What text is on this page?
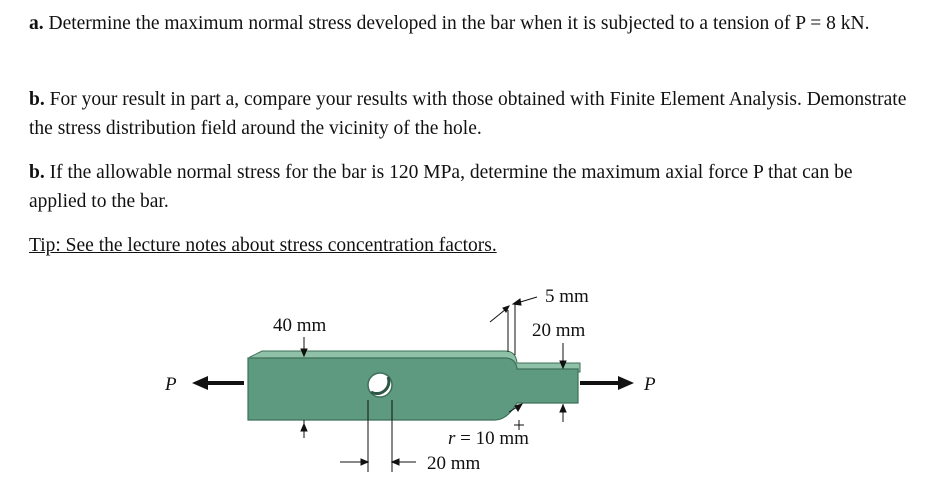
a. Determine the maximum normal stress developed in the bar when it is subjected to a tension of P = 8 kN.
b. For your result in part a, compare your results with those obtained with Finite Element Analysis. Demonstrate the stress distribution field around the vicinity of the hole.
b. If the allowable normal stress for the bar is 120 MPa, determine the maximum axial force P that can be applied to the bar.
Tip: See the lecture notes about stress concentration factors.
P	P
40 mm
5 mm
20 mm
r = 10 mm
20 mm
